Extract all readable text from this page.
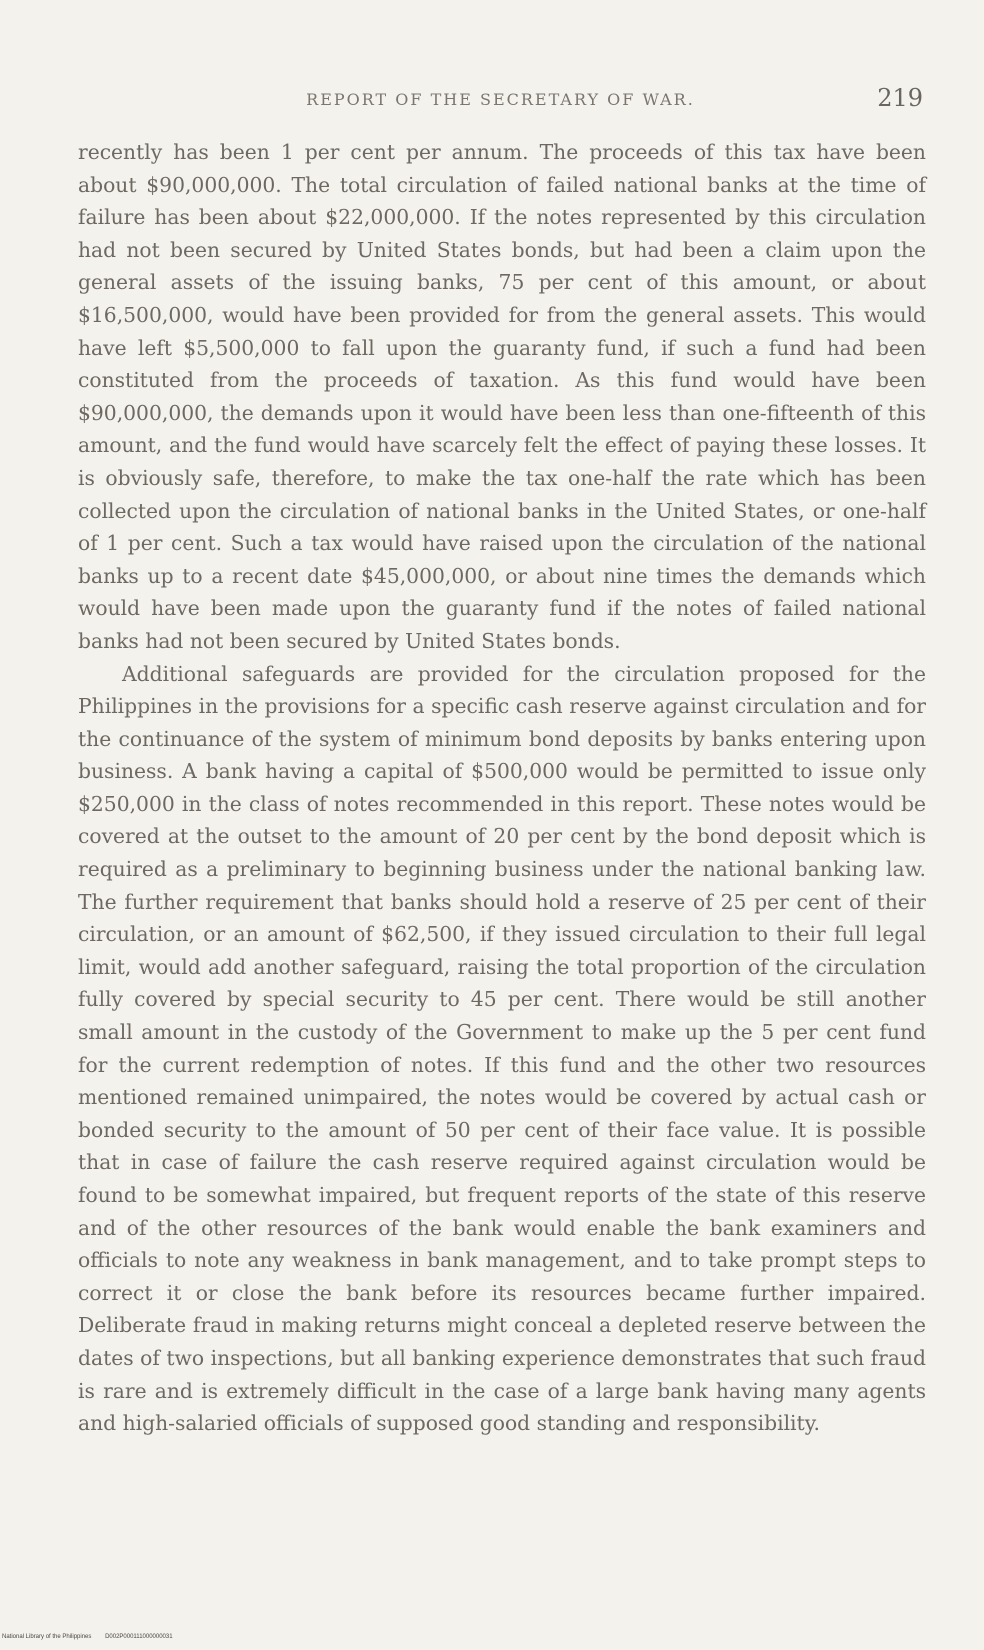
REPORT OF THE SECRETARY OF WAR.	219

recently has been 1 per cent per annum. The proceeds of this tax have been about $90,000,000. The total circulation of failed national banks at the time of failure has been about $22,000,000. If the notes represented by this circulation had not been secured by United States bonds, but had been a claim upon the general assets of the issuing banks, 75 per cent of this amount, or about $16,500,000, would have been provided for from the general assets. This would have left $5,500,000 to fall upon the guaranty fund, if such a fund had been constituted from the proceeds of taxation. As this fund would have been $90,000,000, the demands upon it would have been less than one-fifteenth of this amount, and the fund would have scarcely felt the effect of paying these losses. It is obviously safe, therefore, to make the tax one-half the rate which has been collected upon the circulation of national banks in the United States, or one-half of 1 per cent. Such a tax would have raised upon the circulation of the national banks up to a recent date $45,000,000, or about nine times the demands which would have been made upon the guaranty fund if the notes of failed national banks had not been secured by United States bonds.

Additional safeguards are provided for the circulation proposed for the Philippines in the provisions for a specific cash reserve against circulation and for the continuance of the system of minimum bond deposits by banks entering upon business. A bank having a capital of $500,000 would be permitted to issue only $250,000 in the class of notes recommended in this report. These notes would be covered at the outset to the amount of 20 per cent by the bond deposit which is required as a preliminary to beginning business under the national banking law. The further requirement that banks should hold a reserve of 25 per cent of their circulation, or an amount of $62,500, if they issued circulation to their full legal limit, would add another safeguard, raising the total proportion of the circulation fully covered by special security to 45 per cent. There would be still another small amount in the custody of the Government to make up the 5 per cent fund for the current redemption of notes. If this fund and the other two resources mentioned remained unimpaired, the notes would be covered by actual cash or bonded security to the amount of 50 per cent of their face value. It is possible that in case of failure the cash reserve required against circulation would be found to be somewhat impaired, but frequent reports of the state of this reserve and of the other resources of the bank would enable the bank examiners and officials to note any weakness in bank management, and to take prompt steps to correct it or close the bank before its resources became further impaired. Deliberate fraud in making returns might conceal a depleted reserve between the dates of two inspections, but all banking experience demonstrates that such fraud is rare and is extremely difficult in the case of a large bank having many agents and high-salaried officials of supposed good standing and responsibility.

National Library of the Philippines D002P000111000000031
